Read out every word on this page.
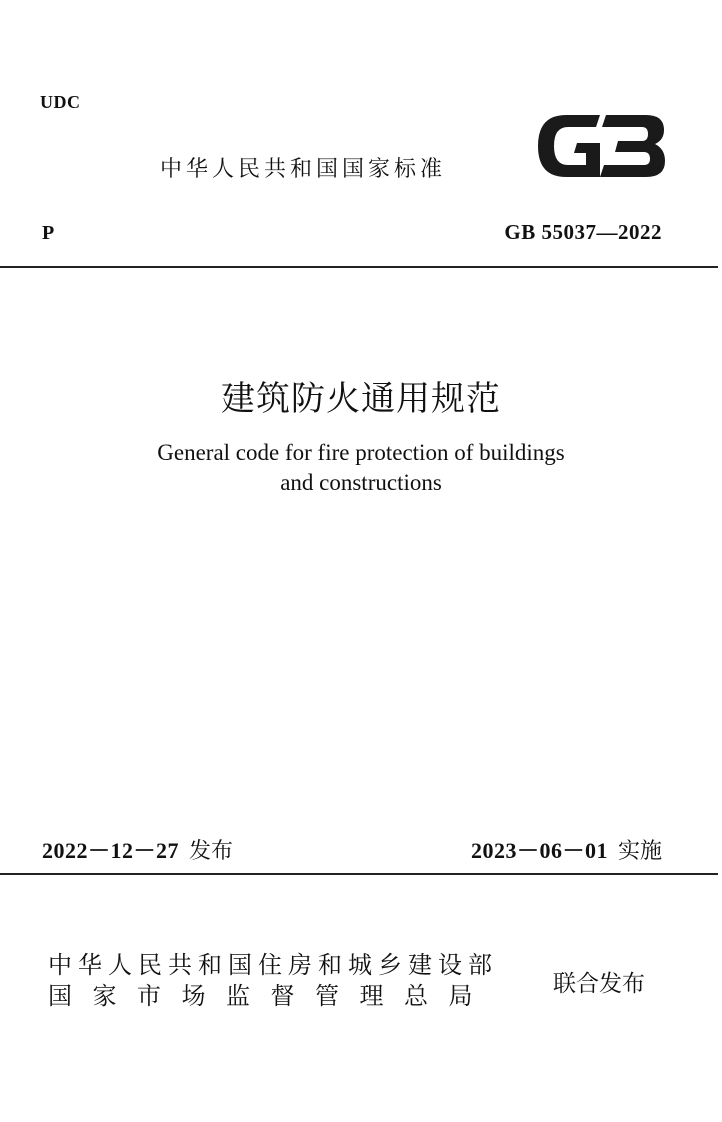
UDC
中华人民共和国国家标准
P	GB 55037—2022
建筑防火通用规范
General code for fire protection of buildings
and constructions
2022－12－27 发布	2023－06－01 实施
中华人民共和国住房和城乡建设部
国家市场监督管理总局	联合发布
